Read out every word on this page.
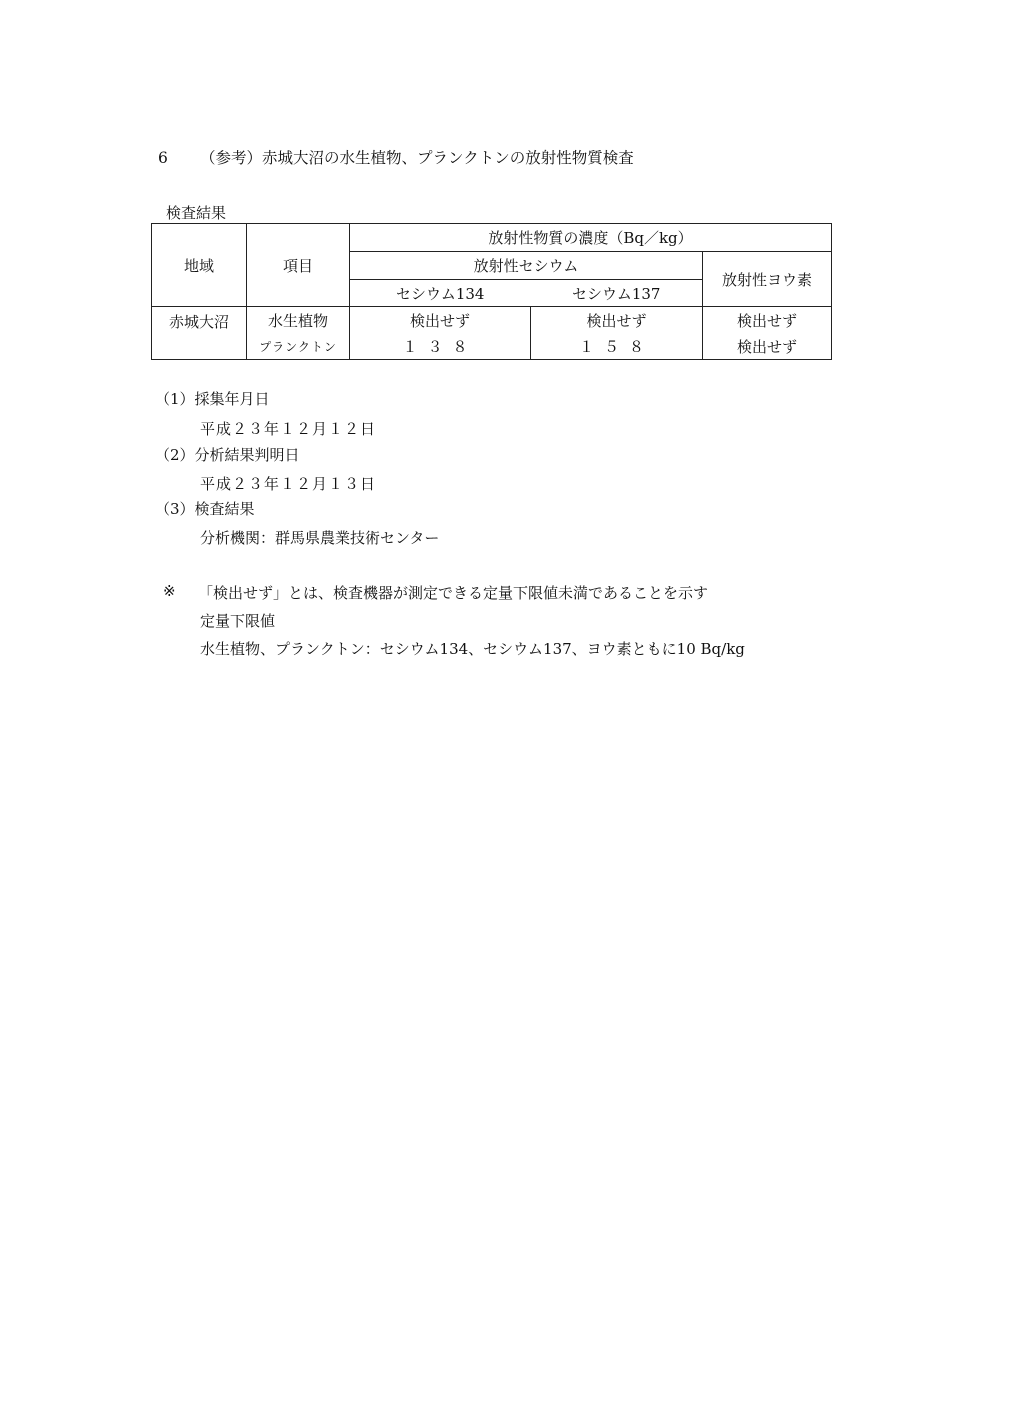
6 （参考）赤城大沼の水生植物、プランクトンの放射性物質検査
検査結果
地域	項目	放射性物質の濃度（Bq／kg）		
		放射性セシウム		放射性ヨウ素
		セシウム134	セシウム137	
赤城大沼	水生植物	検出せず	検出せず	検出せず
	プランクトン	１３８	１５８	検出せず
（1）採集年月日
平成２３年１２月１２日
（2）分析結果判明日
平成２３年１２月１３日
（3）検査結果
分析機関：群馬県農業技術センター
※ 「検出せず」とは、検査機器が測定できる定量下限値未満であることを示す
定量下限値
水生植物、プランクトン：セシウム134、セシウム137、ヨウ素ともに10 Bq/kg
